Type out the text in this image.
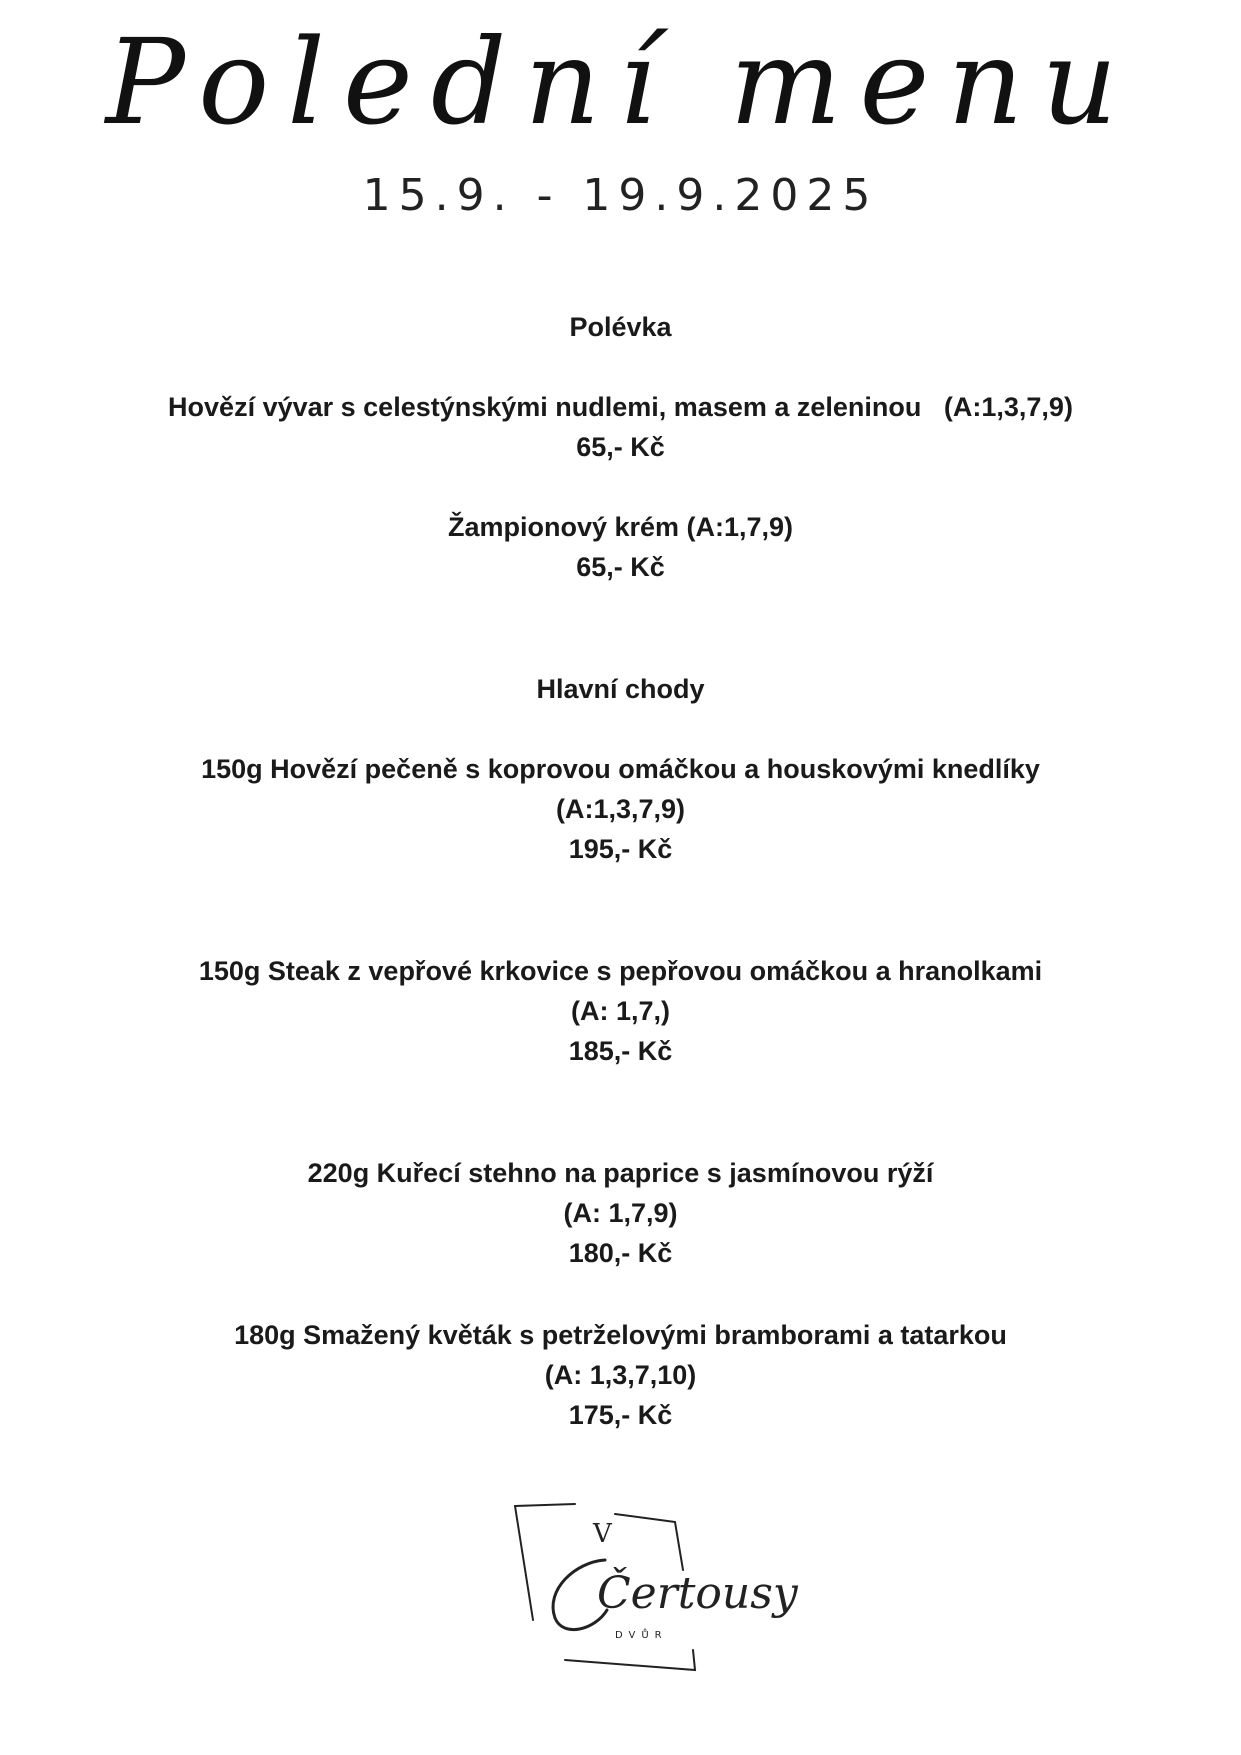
Polední menu
15.9. - 19.9.2025
Polévka
Hovězí vývar s celestýnskými nudlemi, masem a zeleninou   (A:1,3,7,9)
65,- Kč
Žampionový krém (A:1,7,9)
65,- Kč
Hlavní chody
150g Hovězí pečeně s koprovou omáčkou a houskovými knedlíky
(A:1,3,7,9)
195,- Kč
150g Steak z vepřové krkovice s pepřovou omáčkou a hranolkami
(A: 1,7,)
185,- Kč
220g Kuřecí stehno na paprice s jasmínovou rýží
(A: 1,7,9)
180,- Kč
180g Smažený květák s petrželovými bramborami a tatarkou
(A: 1,3,7,10)
175,- Kč
V
Čertousy
DVŮR
